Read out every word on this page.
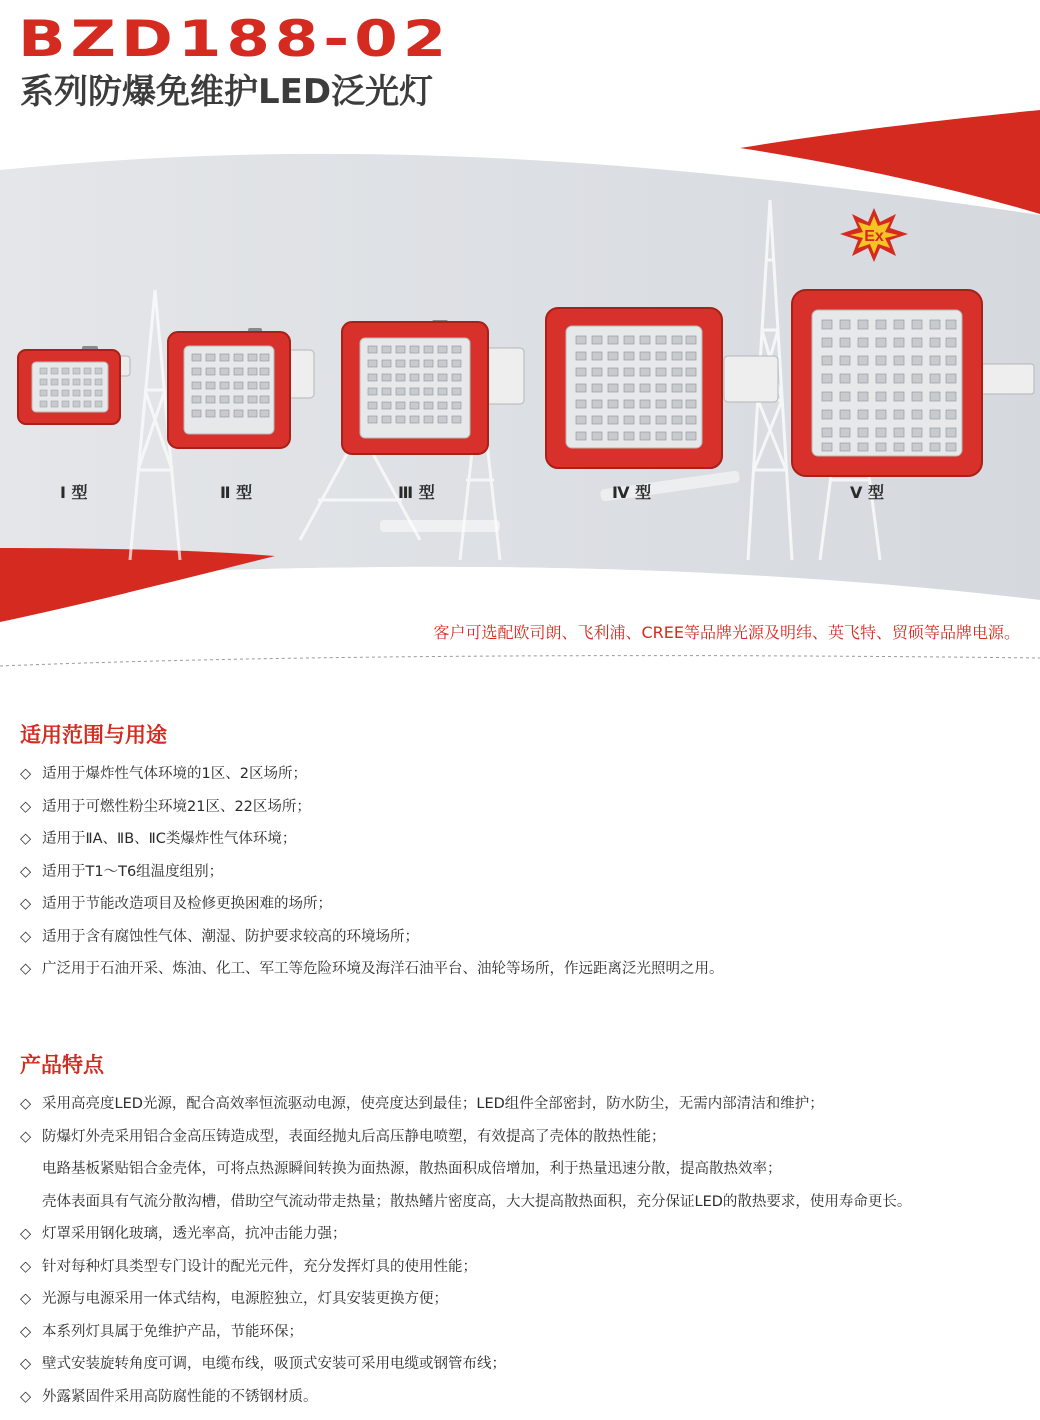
BZD188-02
系列防爆免维护LED泛光灯
Ex
Ⅰ 型	Ⅱ 型	Ⅲ 型	Ⅳ 型	Ⅴ 型
客户可选配欧司朗、飞利浦、CREE等品牌光源及明纬、英飞特、贸硕等品牌电源。
适用范围与用途
◇ 适用于爆炸性气体环境的1区、2区场所；
◇ 适用于可燃性粉尘环境21区、22区场所；
◇ 适用于ⅡA、ⅡB、ⅡC类爆炸性气体环境；
◇ 适用于T1～T6组温度组别；
◇ 适用于节能改造项目及检修更换困难的场所；
◇ 适用于含有腐蚀性气体、潮湿、防护要求较高的环境场所；
◇ 广泛用于石油开采、炼油、化工、军工等危险环境及海洋石油平台、油轮等场所，作远距离泛光照明之用。
产品特点
◇ 采用高亮度LED光源，配合高效率恒流驱动电源，使亮度达到最佳；LED组件全部密封，防水防尘，无需内部清洁和维护；
◇ 防爆灯外壳采用铝合金高压铸造成型，表面经抛丸后高压静电喷塑，有效提高了壳体的散热性能；
电路基板紧贴铝合金壳体，可将点热源瞬间转换为面热源，散热面积成倍增加，利于热量迅速分散，提高散热效率；
壳体表面具有气流分散沟槽，借助空气流动带走热量；散热鳍片密度高，大大提高散热面积，充分保证LED的散热要求，使用寿命更长。
◇ 灯罩采用钢化玻璃，透光率高，抗冲击能力强；
◇ 针对每种灯具类型专门设计的配光元件，充分发挥灯具的使用性能；
◇ 光源与电源采用一体式结构，电源腔独立，灯具安装更换方便；
◇ 本系列灯具属于免维护产品，节能环保；
◇ 壁式安装旋转角度可调，电缆布线，吸顶式安装可采用电缆或钢管布线；
◇ 外露紧固件采用高防腐性能的不锈钢材质。
